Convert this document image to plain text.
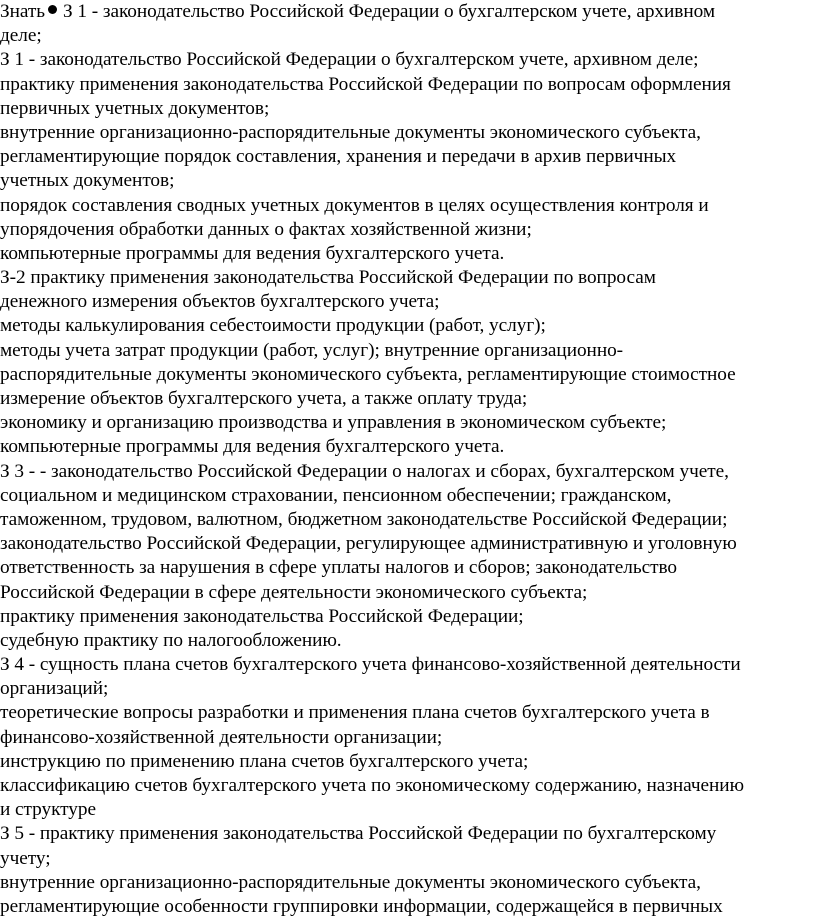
Знать З 1 - законодательство Российской Федерации о бухгалтерском учете, архивном
деле;
З 1 - законодательство Российской Федерации о бухгалтерском учете, архивном деле;
практику применения законодательства Российской Федерации по вопросам оформления
первичных учетных документов;
внутренние организационно-распорядительные документы экономического субъекта,
регламентирующие порядок составления, хранения и передачи в архив первичных
учетных документов;
порядок составления сводных учетных документов в целях осуществления контроля и
упорядочения обработки данных о фактах хозяйственной жизни;
компьютерные программы для ведения бухгалтерского учета.
З-2 практику применения законодательства Российской Федерации по вопросам
денежного измерения объектов бухгалтерского учета;
методы калькулирования себестоимости продукции (работ, услуг);
методы учета затрат продукции (работ, услуг); внутренние организационно-
распорядительные документы экономического субъекта, регламентирующие стоимостное
измерение объектов бухгалтерского учета, а также оплату труда;
экономику и организацию производства и управления в экономическом субъекте;
компьютерные программы для ведения бухгалтерского учета.
З 3 - - законодательство Российской Федерации о налогах и сборах, бухгалтерском учете,
социальном и медицинском страховании, пенсионном обеспечении; гражданском,
таможенном, трудовом, валютном, бюджетном законодательстве Российской Федерации;
законодательство Российской Федерации, регулирующее административную и уголовную
ответственность за нарушения в сфере уплаты налогов и сборов; законодательство
Российской Федерации в сфере деятельности экономического субъекта;
практику применения законодательства Российской Федерации;
судебную практику по налогообложению.
З 4 - сущность плана счетов бухгалтерского учета финансово-хозяйственной деятельности
организаций;
теоретические вопросы разработки и применения плана счетов бухгалтерского учета в
финансово-хозяйственной деятельности организации;
инструкцию по применению плана счетов бухгалтерского учета;
классификацию счетов бухгалтерского учета по экономическому содержанию, назначению
и структуре
З 5 - практику применения законодательства Российской Федерации по бухгалтерскому
учету;
внутренние организационно-распорядительные документы экономического субъекта,
регламентирующие особенности группировки информации, содержащейся в первичных
